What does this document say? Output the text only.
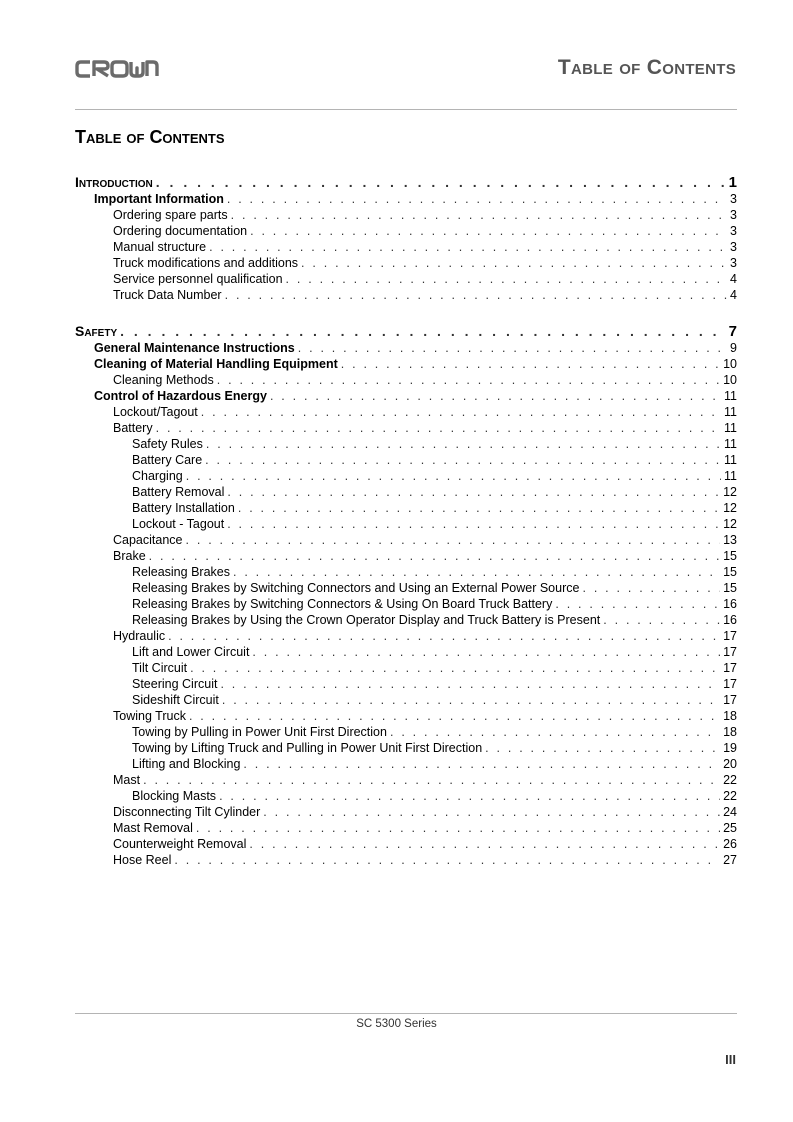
Table of Contents
Table of Contents
Introduction . . .	1
Important Information . . .	3
Ordering spare parts . . .	3
Ordering documentation . . .	3
Manual structure . . .	3
Truck modifications and additions . . .	3
Service personnel qualification . . .	4
Truck Data Number . . .	4
Safety . . .	7
General Maintenance Instructions . . .	9
Cleaning of Material Handling Equipment . . .	10
Cleaning Methods . . .	10
Control of Hazardous Energy . . .	11
Lockout/Tagout . . .	11
Battery . . .	11
Safety Rules . . .	11
Battery Care . . .	11
Charging . . .	11
Battery Removal . . .	12
Battery Installation . . .	12
Lockout - Tagout . . .	12
Capacitance . . .	13
Brake . . .	15
Releasing Brakes . . .	15
Releasing Brakes by Switching Connectors and Using an External Power Source . . .	15
Releasing Brakes by Switching Connectors & Using On Board Truck Battery . . .	16
Releasing Brakes by Using the Crown Operator Display and Truck Battery is Present . . .	16
Hydraulic . . .	17
Lift and Lower Circuit . . .	17
Tilt Circuit . . .	17
Steering Circuit . . .	17
Sideshift Circuit . . .	17
Towing Truck . . .	18
Towing by Pulling in Power Unit First Direction . . .	18
Towing by Lifting Truck and Pulling in Power Unit First Direction . . .	19
Lifting and Blocking . . .	20
Mast . . .	22
Blocking Masts . . .	22
Disconnecting Tilt Cylinder . . .	24
Mast Removal . . .	25
Counterweight Removal . . .	26
Hose Reel . . .	27
SC 5300 Series
III
